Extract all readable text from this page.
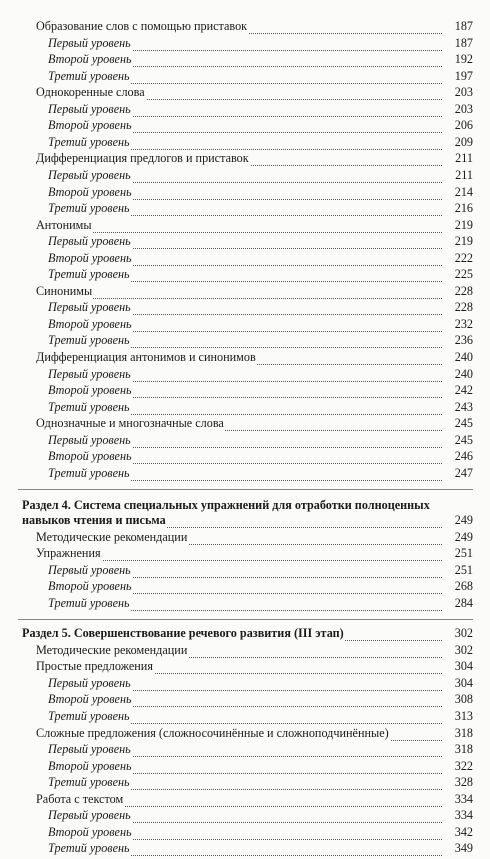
Образование слов с помощью приставок	187
Первый уровень	187
Второй уровень	192
Третий уровень	197
Однокоренные слова	203
Первый уровень	203
Второй уровень	206
Третий уровень	209
Дифференциация предлогов и приставок	211
Первый уровень	211
Второй уровень	214
Третий уровень	216
Антонимы	219
Первый уровень	219
Второй уровень	222
Третий уровень	225
Синонимы	228
Первый уровень	228
Второй уровень	232
Третий уровень	236
Дифференциация антонимов и синонимов	240
Первый уровень	240
Второй уровень	242
Третий уровень	243
Однозначные и многозначные слова	245
Первый уровень	245
Второй уровень	246
Третий уровень	247
Раздел 4. Система специальных упражнений для отработки полноценных
навыков чтения и письма	249
Методические рекомендации	249
Упражнения	251
Первый уровень	251
Второй уровень	268
Третий уровень	284
Раздел 5. Совершенствование речевого развития (III этап)	302
Методические рекомендации	302
Простые предложения	304
Первый уровень	304
Второй уровень	308
Третий уровень	313
Сложные предложения (сложносочинённые и сложноподчинённые)	318
Первый уровень	318
Второй уровень	322
Третий уровень	328
Работа с текстом	334
Первый уровень	334
Второй уровень	342
Третий уровень	349
